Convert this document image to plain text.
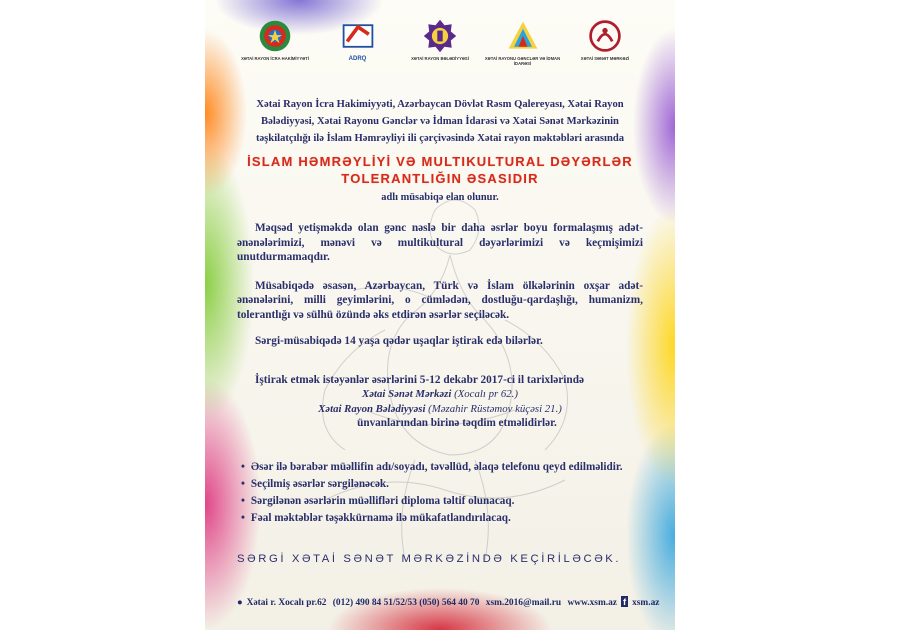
XƏTAİ RAYON İCRA HAKİMİYYƏTİ	ADRQ	XƏTAİ RAYON BƏLƏDİYYƏSİ	XƏTAİ RAYONU GƏNCLƏR VƏ İDMAN İDARƏSİ
XƏTAİ SƏNƏT MƏRKƏZİ

Xətai Rayon İcra Hakimiyyəti, Azərbaycan Dövlət Rəsm Qalereyası, Xətai Rayon Bələdiyyəsi, Xətai Rayonu Gənclər və İdman İdarəsi və Xətai Sənət Mərkəzinin təşkilatçılığı ilə İslam Həmrəyliyi ili çərçivəsində Xətai rayon məktəbləri arasında

İSLAM HƏMRƏYLİYİ VƏ MULTIKULTURAL DƏYƏRLƏR
TOLERANTLIĞIN ƏSASIDIR

adlı müsabiqə elan olunur.

Məqsəd yetişməkdə olan gənc nəslə bir daha əsrlər boyu formalaşmış adət-ənənələrimizi, mənəvi və multikultural dəyərlərimizi və keçmişimizi unutdurmamaqdır.

Müsabiqədə əsasən, Azərbaycan, Türk və İslam ölkələrinin oxşar adət-ənənələrini, milli geyimlərini, o cümlədən, dostluğu-qardaşlığı, humanizm, tolerantlığı və sülhü özündə əks etdirən əsərlər seçiləcək.

Sərgi-müsabiqədə 14 yaşa qədər uşaqlar iştirak edə bilərlər.

İştirak etmək istəyənlər əsərlərini 5-12 dekabr 2017-ci il tarixlərində

Xətai Sənət Mərkəzi (Xocalı pr 62.)

Xətai Rayon Bələdiyyəsi (Məzahir Rüstəmov küçəsi 21.)

ünvanlarından birinə təqdim etməlidirlər.

• Əsər ilə bərabər müəllifin adı/soyadı, təvəllüd, əlaqə telefonu qeyd edilməlidir.
• Seçilmiş əsərlər sərgilənəcək.
• Sərgilənən əsərlərin müəllifləri diploma təltif olunacaq.
• Fəal məktəblər təşəkkürnamə ilə mükafatlandırılacaq.

SƏRGİ XƏTAİ SƏNƏT MƏRKƏZİNDƏ KEÇİRİLƏCƏK.

● Xətai r. Xocalı pr.62 (012) 490 84 51/52/53 (050) 564 40 70 xsm.2016@mail.ru www.xsm.az f xsm.az
